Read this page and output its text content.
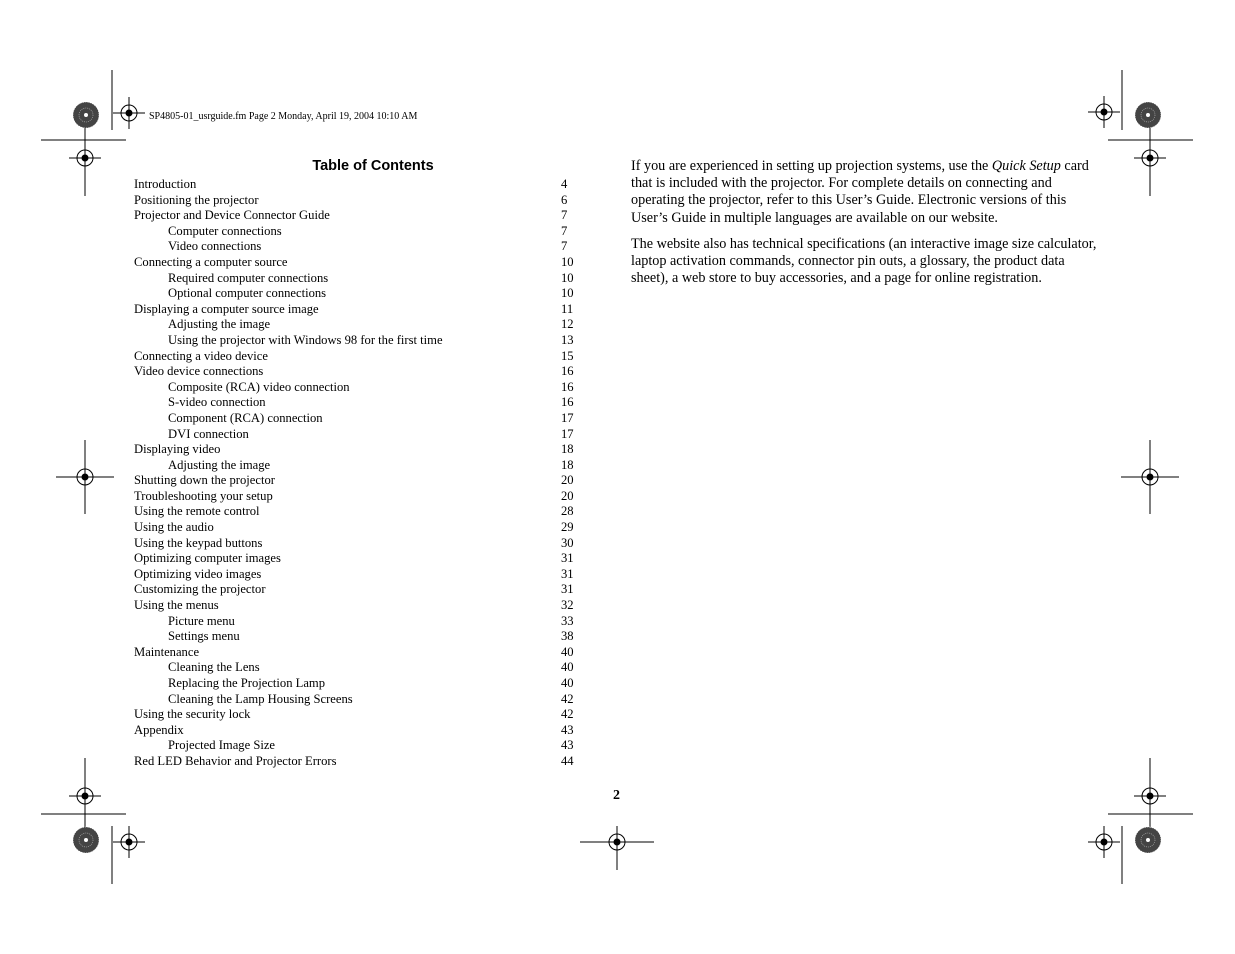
SP4805-01_usrguide.fm Page 2 Monday, April 19, 2004 10:10 AM
Table of Contents
Introduction	4
Positioning the projector	6
Projector and Device Connector Guide	7
Computer connections	7
Video connections	7
Connecting a computer source	10
Required computer connections	10
Optional computer connections	10
Displaying a computer source image	11
Adjusting the image	12
Using the projector with Windows 98 for the first time	13
Connecting a video device	15
Video device connections	16
Composite (RCA) video connection	16
S-video connection	16
Component (RCA) connection	17
DVI connection	17
Displaying video	18
Adjusting the image	18
Shutting down the projector	20
Troubleshooting your setup	20
Using the remote control	28
Using the audio	29
Using the keypad buttons	30
Optimizing computer images	31
Optimizing video images	31
Customizing the projector	31
Using the menus	32
Picture menu	33
Settings menu	38
Maintenance	40
Cleaning the Lens	40
Replacing the Projection Lamp	40
Cleaning the Lamp Housing Screens	42
Using the security lock	42
Appendix	43
Projected Image Size	43
Red LED Behavior and Projector Errors	44

If you are experienced in setting up projection systems, use the Quick Setup card that is included with the projector. For complete details on connecting and operating the projector, refer to this User’s Guide. Electronic versions of this User’s Guide in multiple languages are available on our website.

The website also has technical specifications (an interactive image size calculator, laptop activation commands, connector pin outs, a glossary, the product data sheet), a web store to buy accessories, and a page for online registration.

2
